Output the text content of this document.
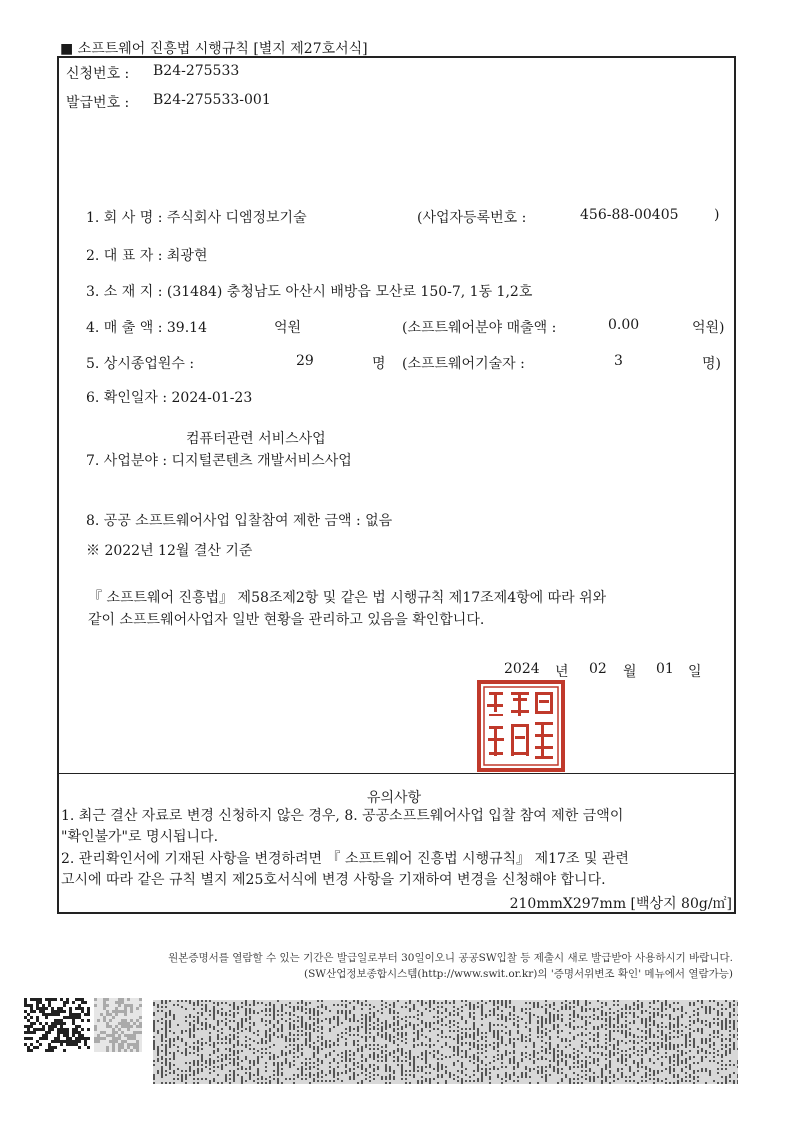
■ 소프트웨어 진흥법 시행규칙 [별지 제27호서식]
신청번호 : B24-275533
발급번호 : B24-275533-001
1. 회 사 명 : 주식회사 디엠정보기술	(사업자등록번호 :	456-88-00405	)
2. 대 표 자 : 최광현
3. 소 재 지 : (31484) 충청남도 아산시 배방읍 모산로 150-7, 1동 1,2호
4. 매 출 액 : 39.14	억원	(소프트웨어분야 매출액 :	0.00	억원)
5. 상시종업원수 :	29	명 (소프트웨어기술자 :	3	명)
6. 확인일자 : 2024-01-23
컴퓨터관련 서비스사업
7. 사업분야 : 디지털콘텐츠 개발서비스사업
8. 공공 소프트웨어사업 입찰참여 제한 금액 : 없음
※ 2022년 12월 결산 기준
『 소프트웨어 진흥법』 제58조제2항 및 같은 법 시행규칙 제17조제4항에 따라 위와
같이 소프트웨어사업자 일반 현황을 관리하고 있음을 확인합니다.
2024 년 02 월 01 일
유의사항
1. 최근 결산 자료로 변경 신청하지 않은 경우, 8. 공공소프트웨어사업 입찰 참여 제한 금액이
"확인불가"로 명시됩니다.
2. 관리확인서에 기재된 사항을 변경하려면 『 소프트웨어 진흥법 시행규칙』 제17조 및 관련
고시에 따라 같은 규칙 별지 제25호서식에 변경 사항을 기재하여 변경을 신청해야 합니다.
210mmX297mm [백상지 80g/㎡]
원본증명서를 열람할 수 있는 기간은 발급일로부터 30일이오니 공공SW입찰 등 제출시 새로 발급받아 사용하시기 바랍니다.
(SW산업정보종합시스템(http://www.swit.or.kr)의 '증명서위변조 확인' 메뉴에서 열람가능)
